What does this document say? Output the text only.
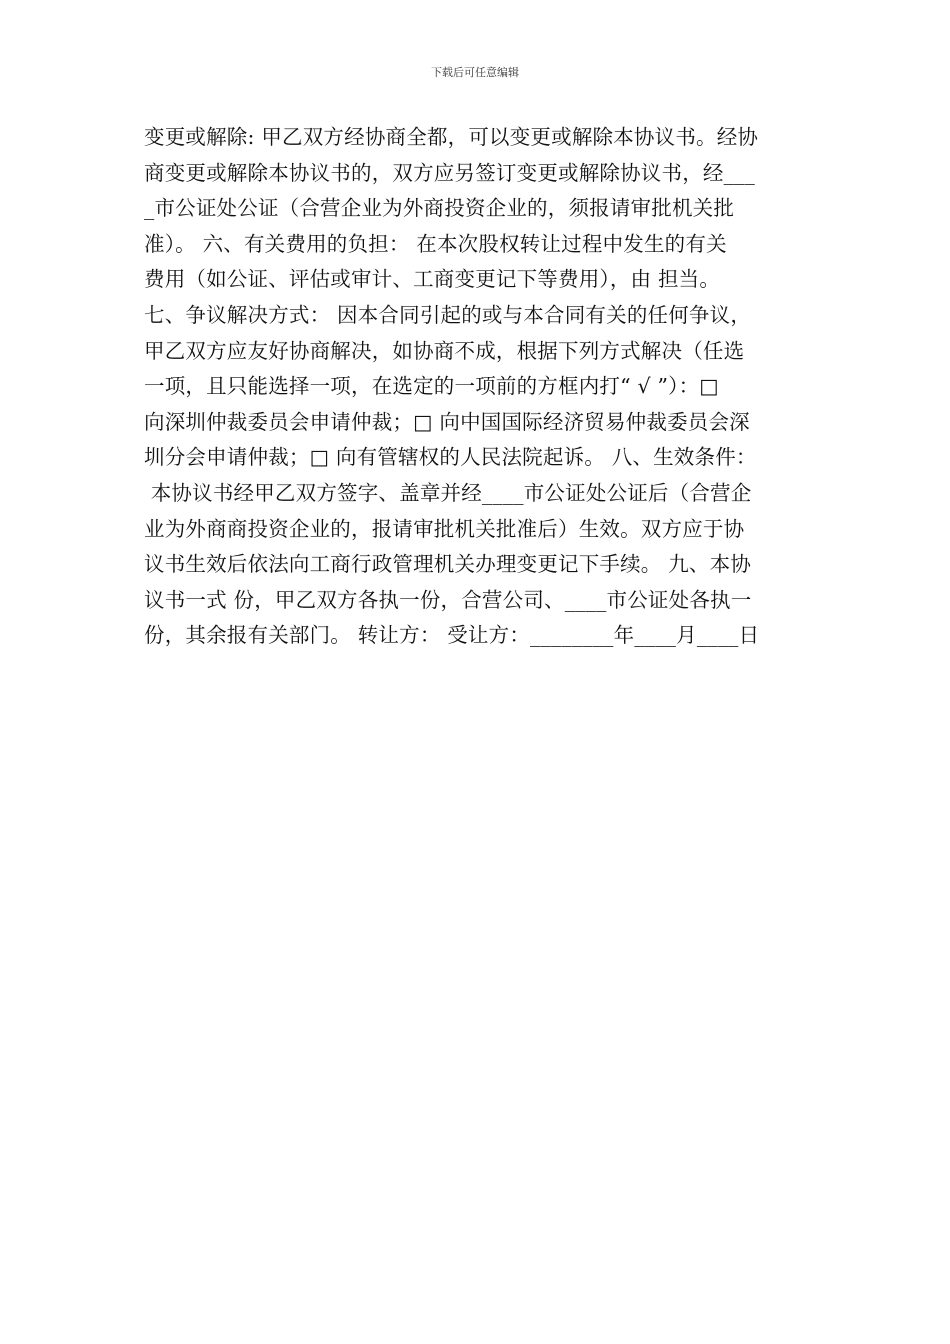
下载后可任意编辑
变更或解除: 甲乙双方经协商全都，可以变更或解除本协议书。经协
商变更或解除本协议书的，双方应另签订变更或解除协议书，经___
_市公证处公证（合营企业为外商投资企业的，须报请审批机关批
准）。 六、有关费用的负担： 在本次股权转让过程中发生的有关
费用（如公证、评估或审计、工商变更记下等费用），由 担当。
七、争议解决方式： 因本合同引起的或与本合同有关的任何争议，
甲乙双方应友好协商解决，如协商不成，根据下列方式解决（任选
一项，且只能选择一项，在选定的一项前的方框内打“ √ ”）：□
向深圳仲裁委员会申请仲裁；□ 向中国国际经济贸易仲裁委员会深
圳分会申请仲裁；□ 向有管辖权的人民法院起诉。 八、生效条件：
本协议书经甲乙双方签字、盖章并经____市公证处公证后（合营企
业为外商商投资企业的，报请审批机关批准后）生效。双方应于协
议书生效后依法向工商行政管理机关办理变更记下手续。 九、本协
议书一式 份，甲乙双方各执一份，合营公司、____市公证处各执一
份，其余报有关部门。 转让方： 受让方：________年____月____日
